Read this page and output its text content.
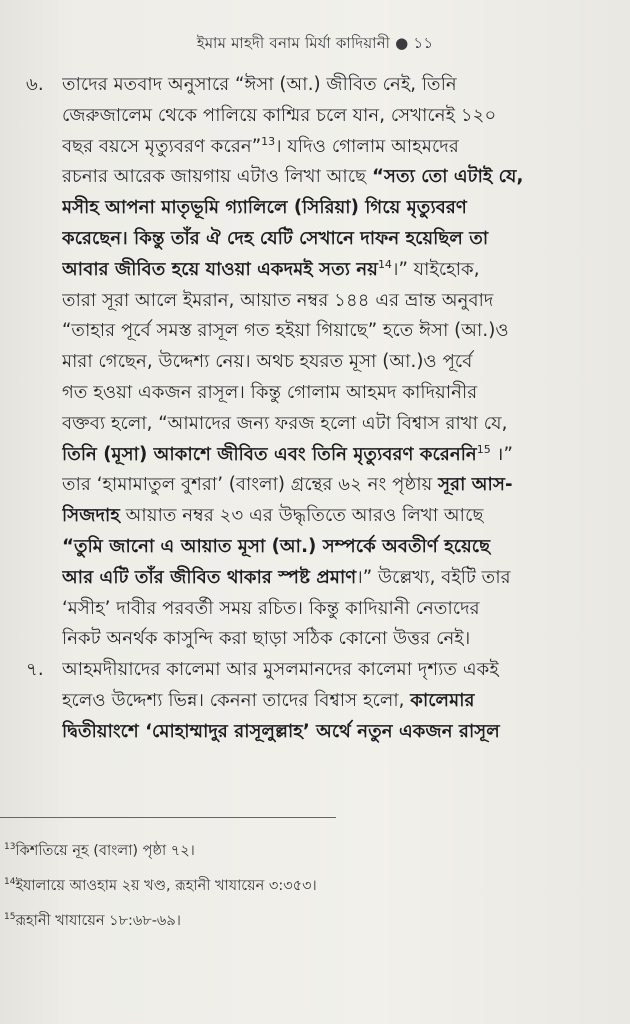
ইমাম মাহদী বনাম মির্যা কাদিয়ানী ● ১১
৬. তাদের মতবাদ অনুসারে “ঈসা (আ.) জীবিত নেই, তিনি
জেরুজালেম থেকে পালিয়ে কাশ্মির চলে যান, সেখানেই ১২০
বছর বয়সে মৃত্যুবরণ করেন”$^{13}$। যদিও গোলাম আহমদের
রচনার আরেক জায়গায় এটাও লিখা আছে “সত্য তো এটাই যে,
মসীহ আপনা মাতৃভূমি গ্যালিলে (সিরিয়া) গিয়ে মৃত্যুবরণ
করেছেন। কিন্তু তাঁর ঐ দেহ যেটি সেখানে দাফন হয়েছিল তা
আবার জীবিত হয়ে যাওয়া একদমই সত্য নয়$^{14}$।” যাইহোক,
তারা সূরা আলে ইমরান, আয়াত নম্বর ১৪৪ এর ভ্রান্ত অনুবাদ
“তাহার পূর্বে সমস্ত রাসূল গত হইয়া গিয়াছে” হতে ঈসা (আ.)ও
মারা গেছেন, উদ্দেশ্য নেয়। অথচ হযরত মূসা (আ.)ও পূর্বে
গত হওয়া একজন রাসূল। কিন্তু গোলাম আহমদ কাদিয়ানীর
বক্তব্য হলো, “আমাদের জন্য ফরজ হলো এটা বিশ্বাস রাখা যে,
তিনি (মূসা) আকাশে জীবিত এবং তিনি মৃত্যুবরণ করেননি$^{15}$ ।”
তার ‘হামামাতুল বুশরা’ (বাংলা) গ্রন্থের ৬২ নং পৃষ্ঠায় সূরা আস-
সিজদাহ আয়াত নম্বর ২৩ এর উদ্ধৃতিতে আরও লিখা আছে
“তুমি জানো এ আয়াত মূসা (আ.) সম্পর্কে অবতীর্ণ হয়েছে
আর এটি তাঁর জীবিত থাকার স্পষ্ট প্রমাণ।” উল্লেখ্য, বইটি তার
‘মসীহ’ দাবীর পরবর্তী সময় রচিত। কিন্তু কাদিয়ানী নেতাদের
নিকট অনর্থক কাসুন্দি করা ছাড়া সঠিক কোনো উত্তর নেই।
৭. আহমদীয়াদের কালেমা আর মুসলমানদের কালেমা দৃশ্যত একই
হলেও উদ্দেশ্য ভিন্ন। কেননা তাদের বিশ্বাস হলো, কালেমার
দ্বিতীয়াংশে ‘মোহাম্মাদুর রাসূলুল্লাহ’ অর্থে নতুন একজন রাসূল
$^{13}$কিশতিয়ে নূহ (বাংলা) পৃষ্ঠা ৭২।
$^{14}$ইযালায়ে আওহাম ২য় খণ্ড, রূহানী খাযায়েন ৩:৩৫৩।
$^{15}$রূহানী খাযায়েন ১৮:৬৮-৬৯।
